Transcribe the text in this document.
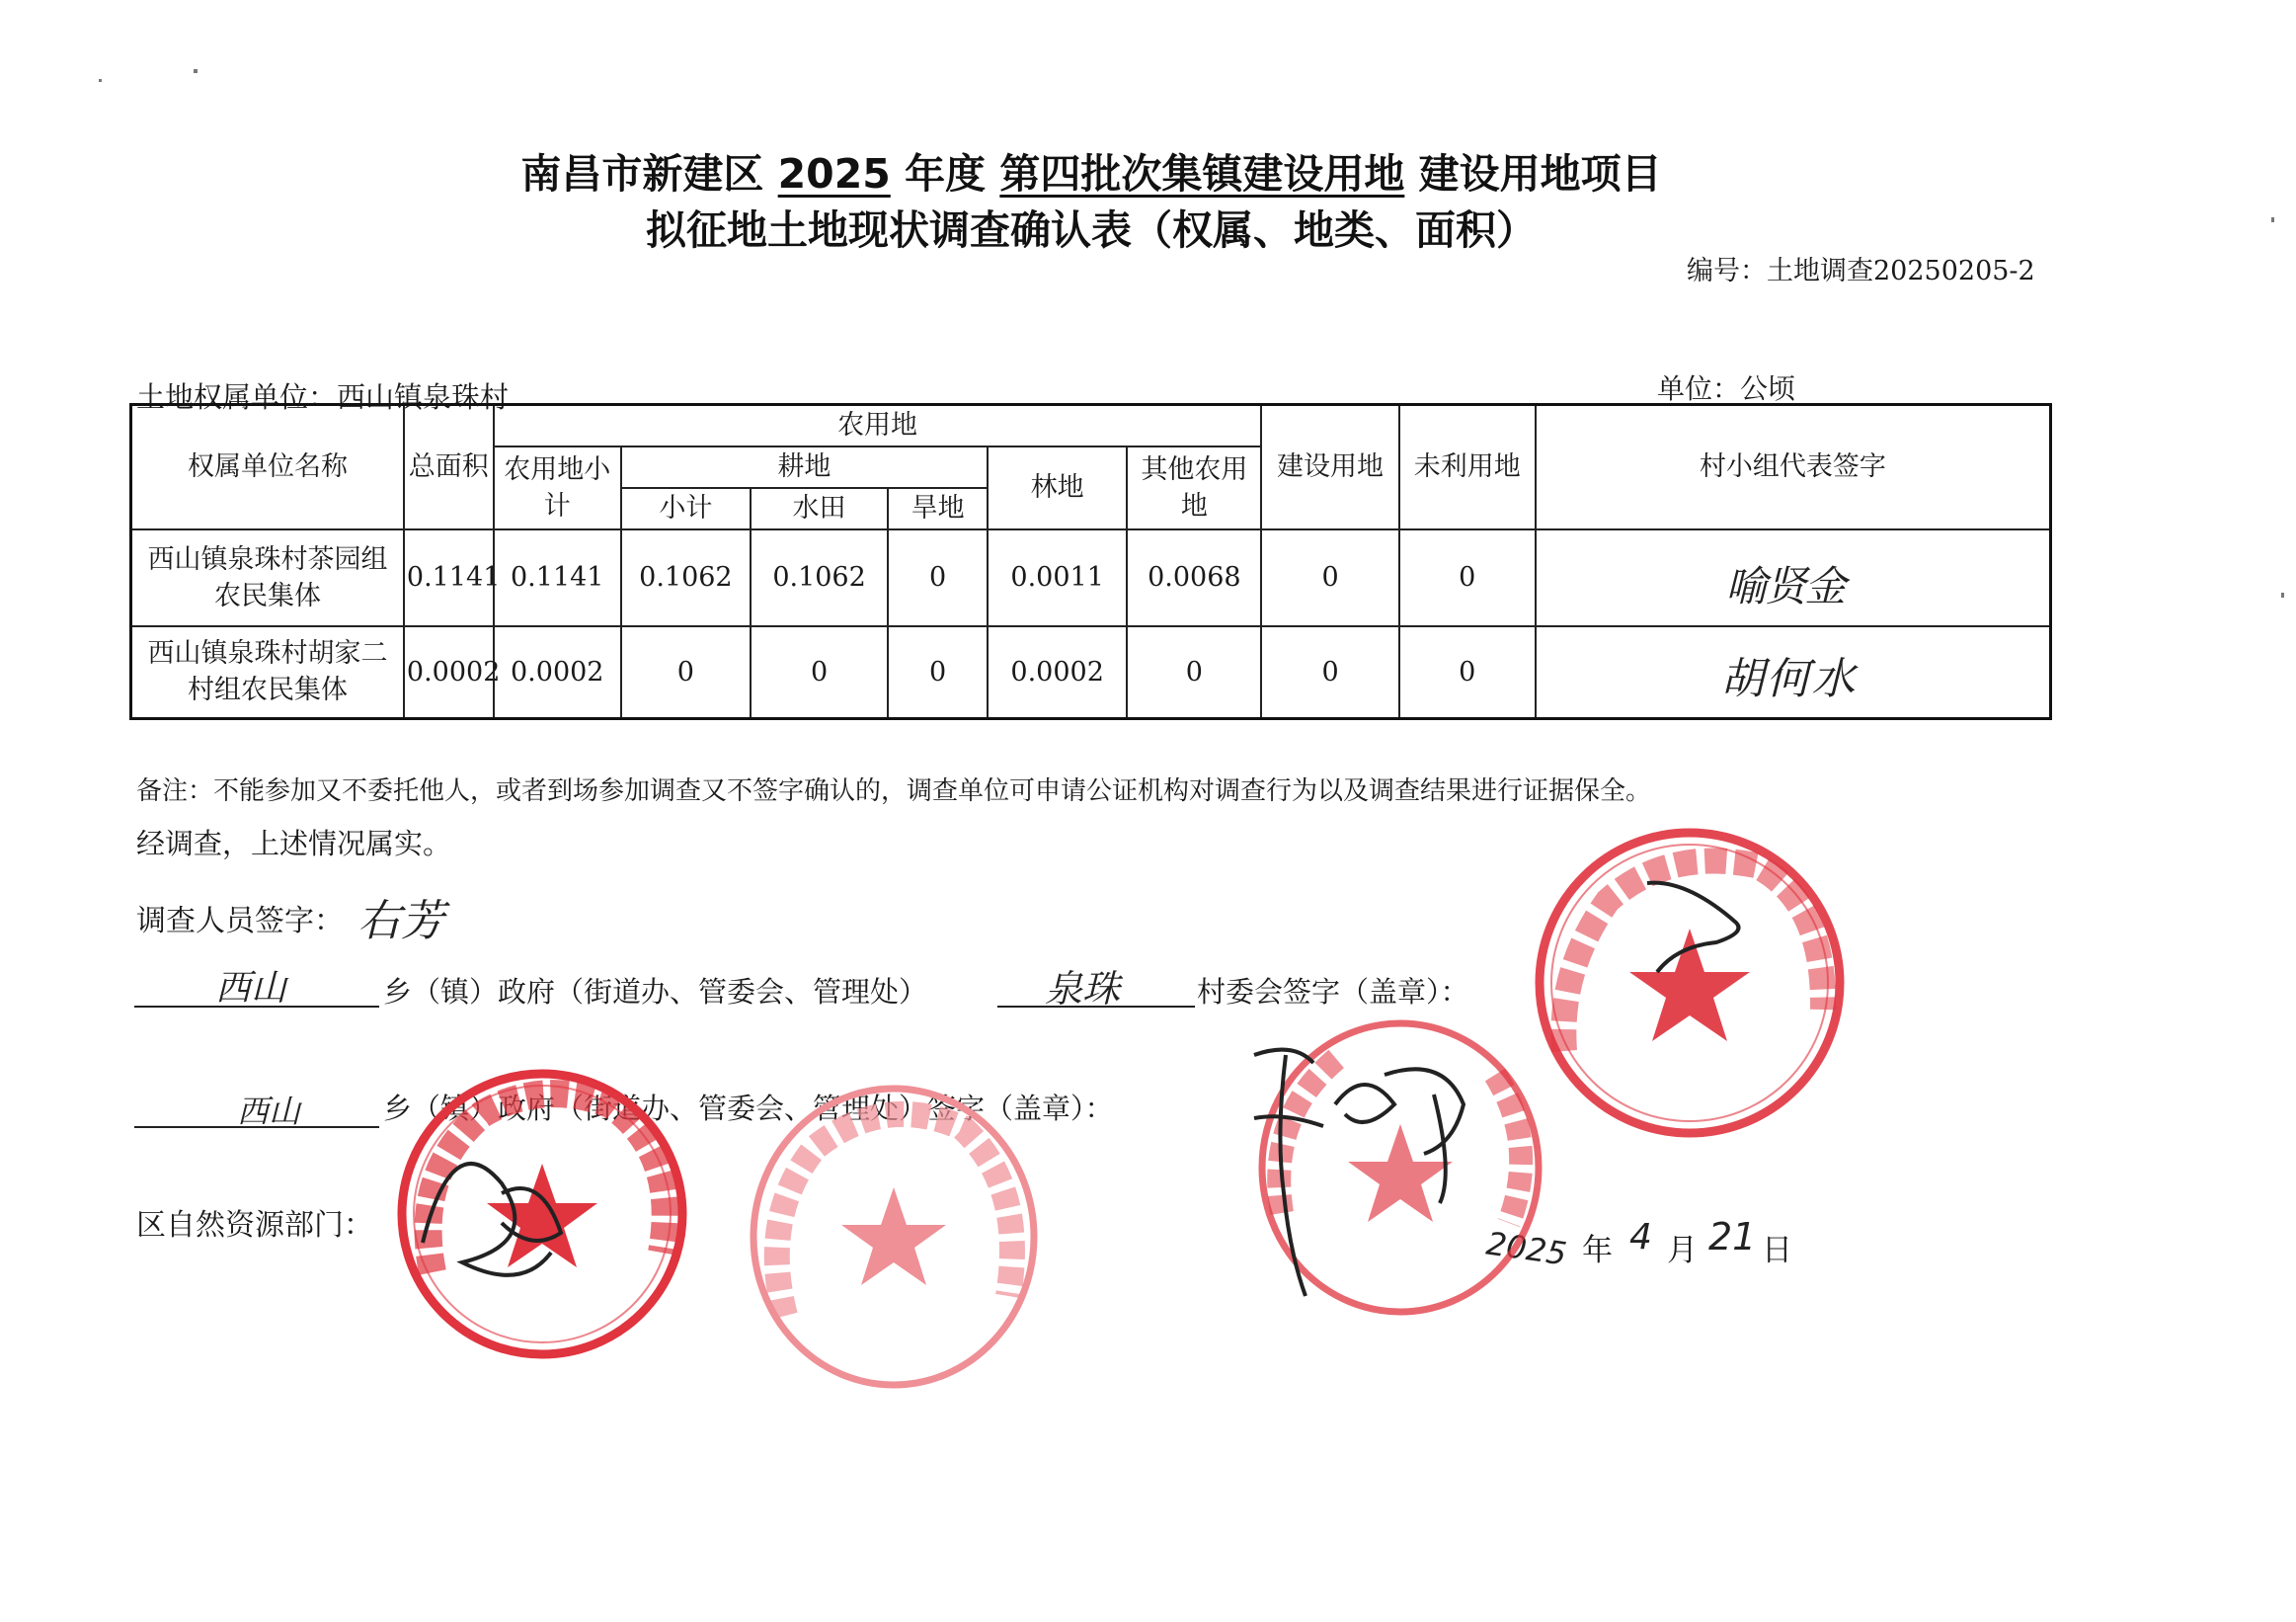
南昌市新建区 2025 年度 第四批次集镇建设用地 建设用地项目
拟征地土地现状调查确认表（权属、地类、面积）
编号：土地调查20250205-2
土地权属单位：西山镇泉珠村	单位：公顷
权属单位名称	总面积	农用地						建设用地	未利用地	村小组代表签字
		农用地小计	耕地			林地	其他农用地			
			小计	水田	旱地					
西山镇泉珠村茶园组农民集体	0.1141	0.1141	0.1062	0.1062	0	0.0011	0.0068	0	0	喻贤金
西山镇泉珠村胡家二村组农民集体	0.0002	0.0002	0	0	0	0.0002	0	0	0	胡何水
备注：不能参加又不委托他人，或者到场参加调查又不签字确认的，调查单位可申请公证机构对调查行为以及调查结果进行证据保全。
经调查，上述情况属实。
调查人员签字： 右芳
西山	乡（镇）政府（街道办、管委会、管理处）	泉珠	村委会签字（盖章）：
西山	乡（镇）政府（街道办、管委会、管理处）签字（盖章）：
区自然资源部门：	2025 年 4 月 21 日
